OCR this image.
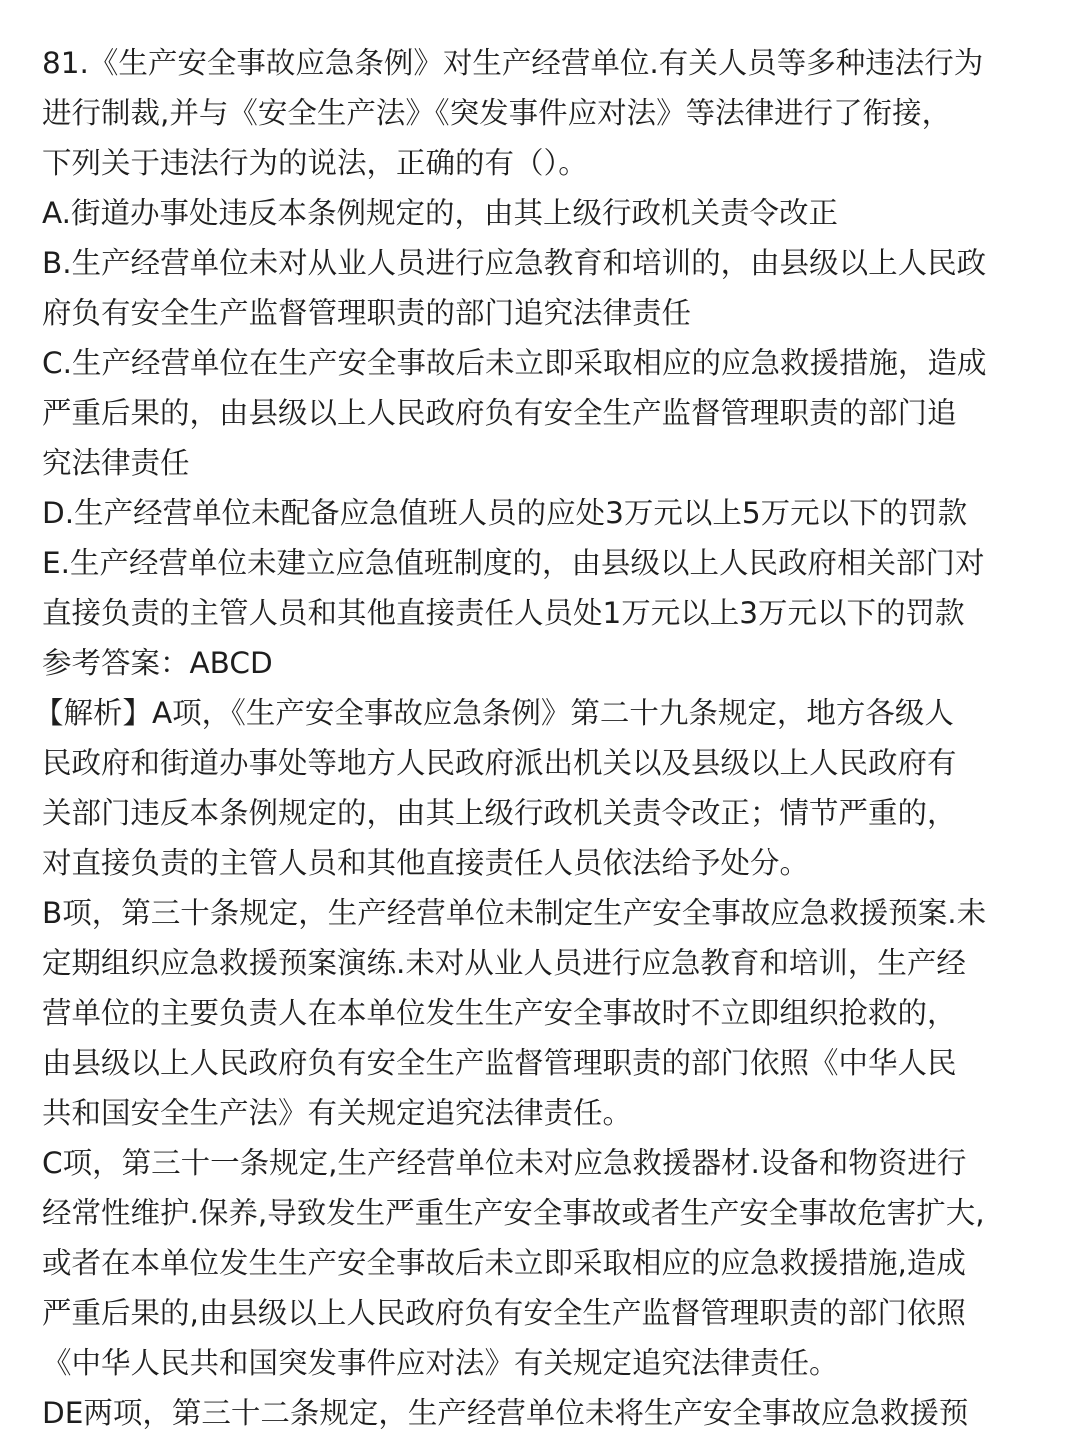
81.《生产安全事故应急条例》对生产经营单位.有关人员等多种违法行为
进行制裁,并与《安全生产法》《突发事件应对法》等法律进行了衔接，
下列关于违法行为的说法，正确的有（）。
A.街道办事处违反本条例规定的，由其上级行政机关责令改正
B.生产经营单位未对从业人员进行应急教育和培训的，由县级以上人民政
府负有安全生产监督管理职责的部门追究法律责任
C.生产经营单位在生产安全事故后未立即采取相应的应急救援措施，造成
严重后果的，由县级以上人民政府负有安全生产监督管理职责的部门追
究法律责任
D.生产经营单位未配备应急值班人员的应处3万元以上5万元以下的罚款
E.生产经营单位未建立应急值班制度的，由县级以上人民政府相关部门对
直接负责的主管人员和其他直接责任人员处1万元以上3万元以下的罚款
参考答案：ABCD
【解析】A项，《生产安全事故应急条例》第二十九条规定，地方各级人
民政府和街道办事处等地方人民政府派出机关以及县级以上人民政府有
关部门违反本条例规定的，由其上级行政机关责令改正；情节严重的，
对直接负责的主管人员和其他直接责任人员依法给予处分。
B项，第三十条规定，生产经营单位未制定生产安全事故应急救援预案.未
定期组织应急救援预案演练.未对从业人员进行应急教育和培训，生产经
营单位的主要负责人在本单位发生生产安全事故时不立即组织抢救的，
由县级以上人民政府负有安全生产监督管理职责的部门依照《中华人民
共和国安全生产法》有关规定追究法律责任。
C项，第三十一条规定,生产经营单位未对应急救援器材.设备和物资进行
经常性维护.保养,导致发生严重生产安全事故或者生产安全事故危害扩大,
或者在本单位发生生产安全事故后未立即采取相应的应急救援措施,造成
严重后果的,由县级以上人民政府负有安全生产监督管理职责的部门依照
《中华人民共和国突发事件应对法》有关规定追究法律责任。
DE两项，第三十二条规定，生产经营单位未将生产安全事故应急救援预
